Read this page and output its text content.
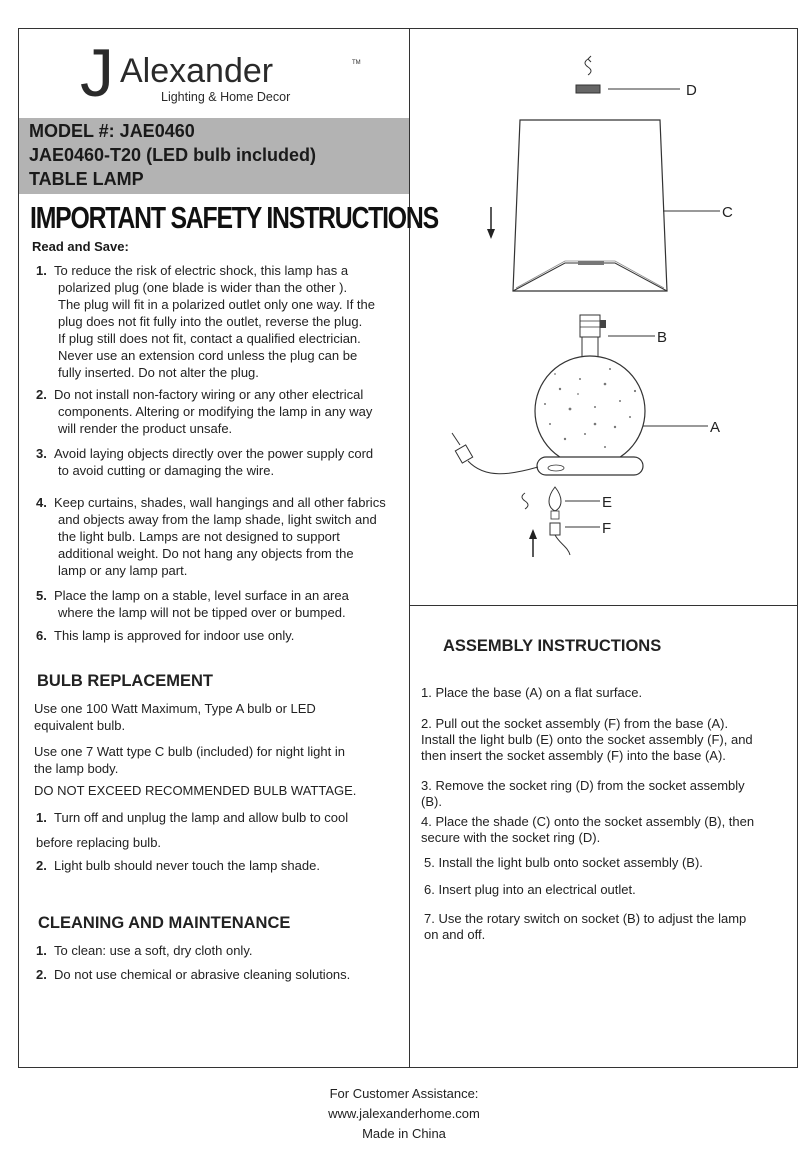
J Alexander	TM
Lighting & Home Decor
MODEL #: JAE0460
JAE0460-T20 (LED bulb included)
TABLE LAMP
IMPORTANT SAFETY INSTRUCTIONS
Read and Save:
1. To reduce the risk of electric shock, this lamp has a
polarized plug (one blade is wider than the other ).
The plug will fit in a polarized outlet only one way. If the
plug does not fit fully into the outlet, reverse the plug.
If plug still does not fit, contact a qualified electrician.
Never use an extension cord unless the plug can be
fully inserted. Do not alter the plug.
2. Do not install non-factory wiring or any other electrical
components. Altering or modifying the lamp in any way
will render the product unsafe.
3. Avoid laying objects directly over the power supply cord
to avoid cutting or damaging the wire.
4. Keep curtains, shades, wall hangings and all other fabrics
and objects away from the lamp shade, light switch and
the light bulb. Lamps are not designed to support
additional weight. Do not hang any objects from the
lamp or any lamp part.
5. Place the lamp on a stable, level surface in an area
where the lamp will not be tipped over or bumped.
6. This lamp is approved for indoor use only.
BULB REPLACEMENT
Use one 100 Watt Maximum, Type A bulb or LED
equivalent bulb.
Use one 7 Watt type C bulb (included) for night light in
the lamp body.
DO NOT EXCEED RECOMMENDED BULB WATTAGE.
1. Turn off and unplug the lamp and allow bulb to cool
before replacing bulb.
2. Light bulb should never touch the lamp shade.
CLEANING AND MAINTENANCE
1. To clean: use a soft, dry cloth only.
2. Do not use chemical or abrasive cleaning solutions.
D
C
B
A
E
F
ASSEMBLY INSTRUCTIONS
1. Place the base (A) on a flat surface.
2. Pull out the socket assembly (F) from the base (A).
Install the light bulb (E) onto the socket assembly (F), and
then insert the socket assembly (F) into the base (A).
3. Remove the socket ring (D) from the socket assembly
(B).
4. Place the shade (C) onto the socket assembly (B), then
secure with the socket ring (D).
5. Install the light bulb onto socket assembly (B).
6. Insert plug into an electrical outlet.
7. Use the rotary switch on socket (B) to adjust the lamp
on and off.
For Customer Assistance:
www.jalexanderhome.com
Made in China
